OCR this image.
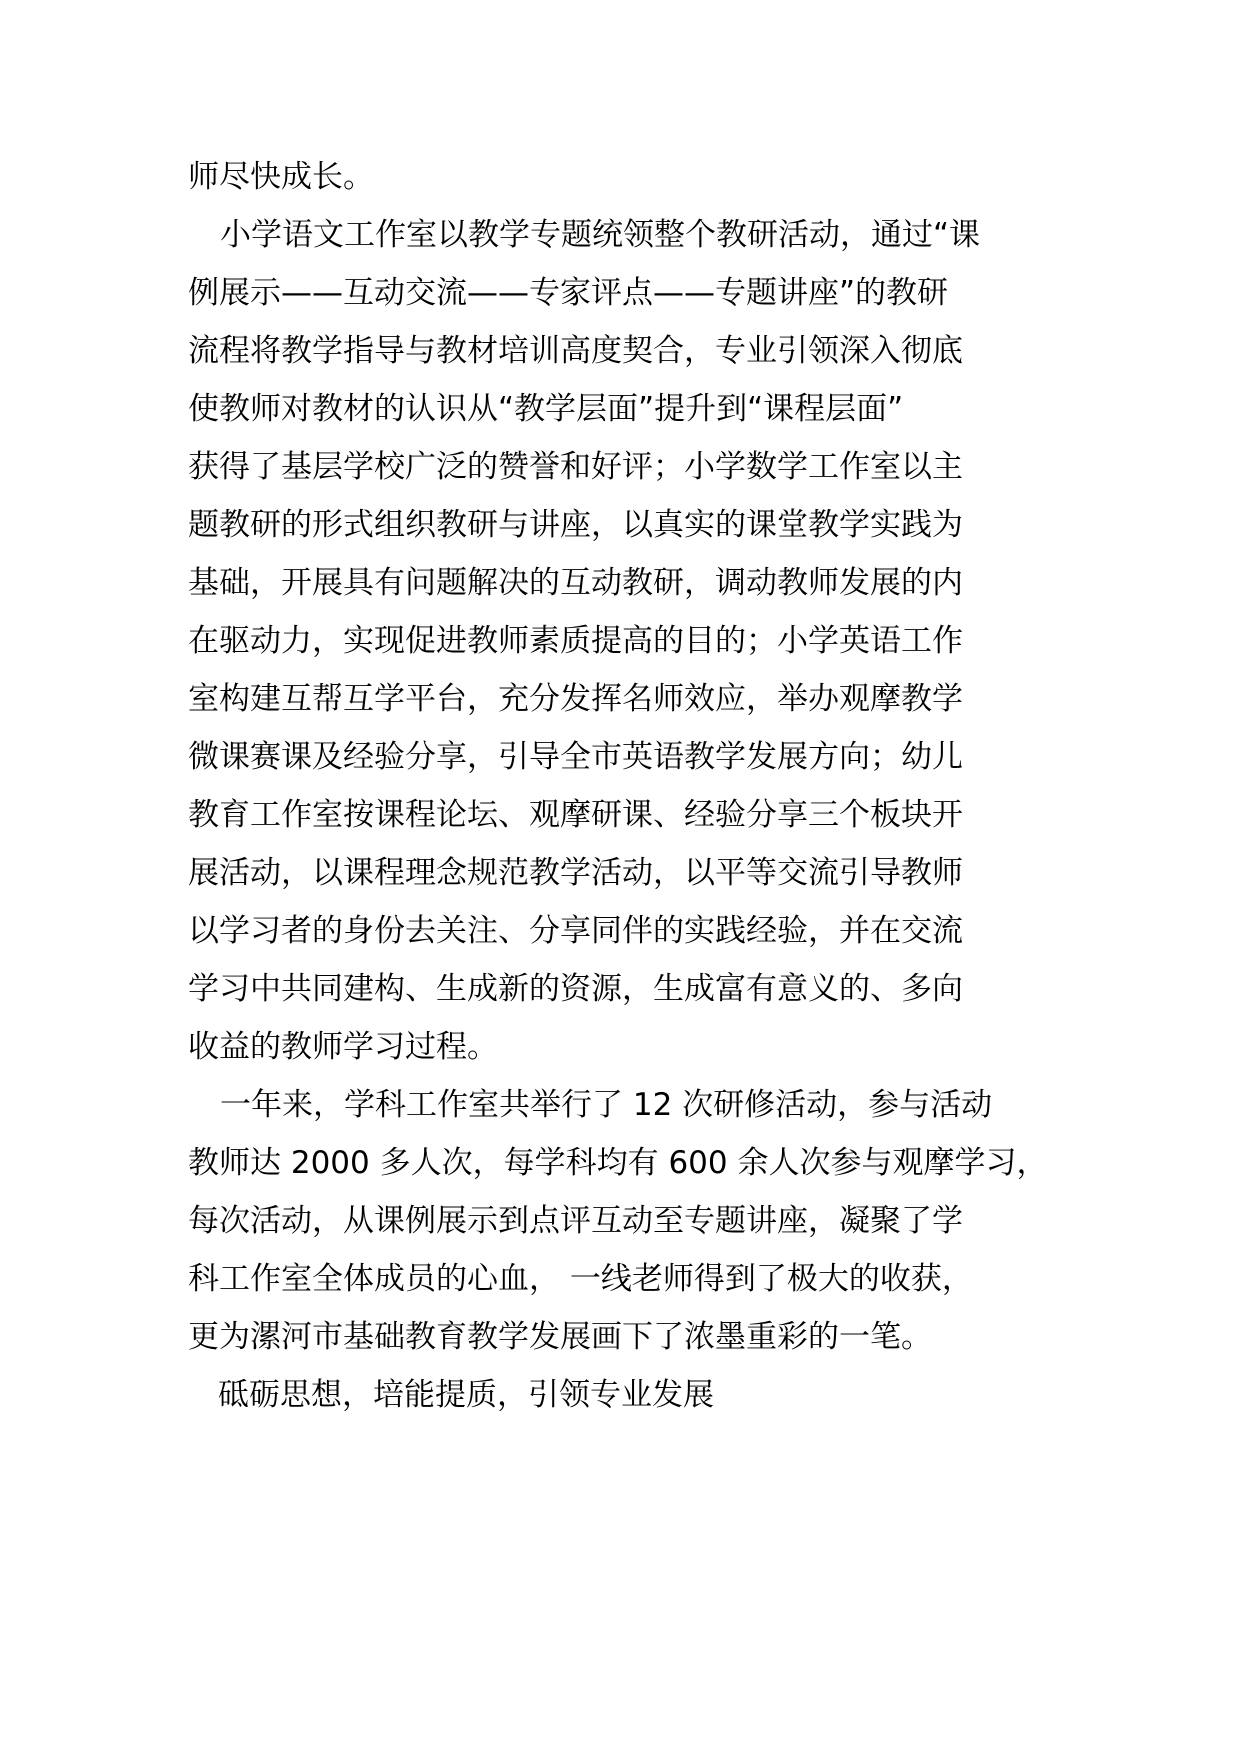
师尽快成长。
小学语文工作室以教学专题统领整个教研活动，通过“课
例展示——互动交流——专家评点——专题讲座”的教研
流程将教学指导与教材培训高度契合，专业引领深入彻底
使教师对教材的认识从“教学层面”提升到“课程层面”
获得了基层学校广泛的赞誉和好评；小学数学工作室以主
题教研的形式组织教研与讲座，以真实的课堂教学实践为
基础，开展具有问题解决的互动教研，调动教师发展的内
在驱动力，实现促进教师素质提高的目的；小学英语工作
室构建互帮互学平台，充分发挥名师效应，举办观摩教学
微课赛课及经验分享，引导全市英语教学发展方向；幼儿
教育工作室按课程论坛、观摩研课、经验分享三个板块开
展活动，以课程理念规范教学活动，以平等交流引导教师
以学习者的身份去关注、分享同伴的实践经验，并在交流
学习中共同建构、生成新的资源，生成富有意义的、多向
收益的教师学习过程。
一年来，学科工作室共举行了 12 次研修活动，参与活动
教师达 2000 多人次，每学科均有 600 余人次参与观摩学习，
每次活动，从课例展示到点评互动至专题讲座，凝聚了学
科工作室全体成员的心血， 一线老师得到了极大的收获，
更为漯河市基础教育教学发展画下了浓墨重彩的一笔。
砥砺思想，培能提质，引领专业发展
